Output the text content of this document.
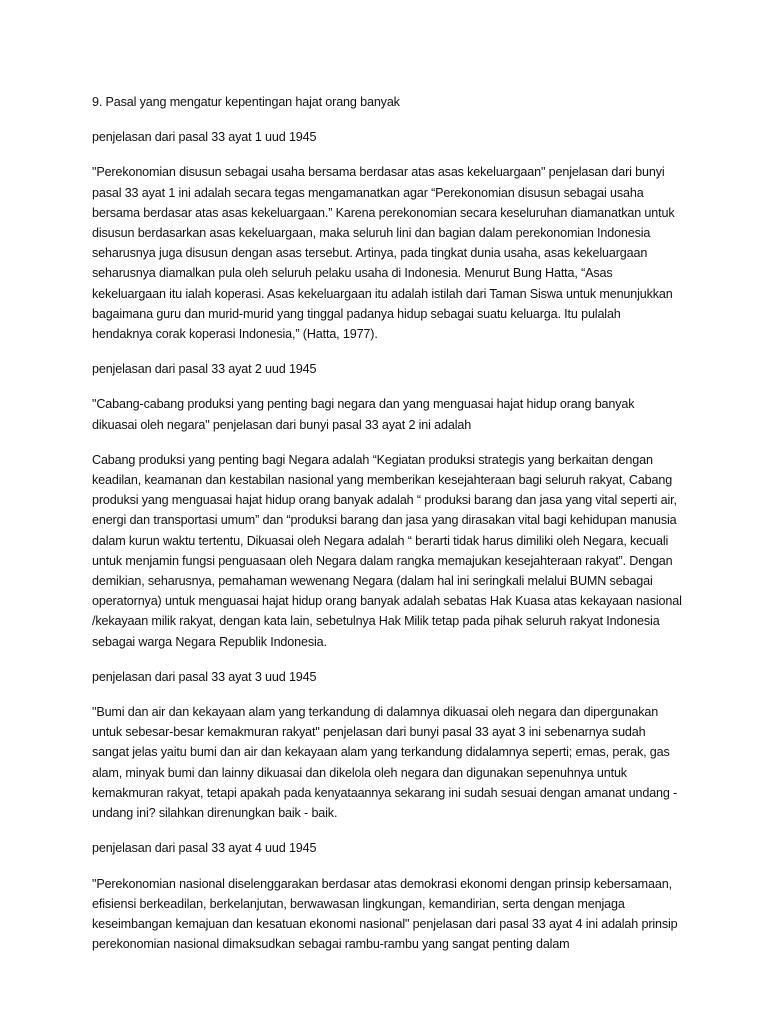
9. Pasal yang mengatur kepentingan hajat orang banyak

penjelasan dari pasal 33 ayat 1 uud 1945

"Perekonomian disusun sebagai usaha bersama berdasar atas asas kekeluargaan" penjelasan dari bunyi pasal 33 ayat 1 ini adalah secara tegas mengamanatkan agar “Perekonomian disusun sebagai usaha bersama berdasar atas asas kekeluargaan.” Karena perekonomian secara keseluruhan diamanatkan untuk disusun berdasarkan asas kekeluargaan, maka seluruh lini dan bagian dalam perekonomian Indonesia seharusnya juga disusun dengan asas tersebut. Artinya, pada tingkat dunia usaha, asas kekeluargaan seharusnya diamalkan pula oleh seluruh pelaku usaha di Indonesia. Menurut Bung Hatta, “Asas kekeluargaan itu ialah koperasi. Asas kekeluargaan itu adalah istilah dari Taman Siswa untuk menunjukkan bagaimana guru dan murid-murid yang tinggal padanya hidup sebagai suatu keluarga. Itu pulalah hendaknya corak koperasi Indonesia,” (Hatta, 1977).

penjelasan dari pasal 33 ayat 2 uud 1945

"Cabang-cabang produksi yang penting bagi negara dan yang menguasai hajat hidup orang banyak dikuasai oleh negara" penjelasan dari bunyi pasal 33 ayat 2 ini adalah

Cabang produksi yang penting bagi Negara adalah “Kegiatan produksi strategis yang berkaitan dengan keadilan, keamanan dan kestabilan nasional yang memberikan kesejahteraan bagi seluruh rakyat, Cabang produksi yang menguasai hajat hidup orang banyak adalah “ produksi barang dan jasa yang vital seperti air, energi dan transportasi umum” dan “produksi barang dan jasa yang dirasakan vital bagi kehidupan manusia dalam kurun waktu tertentu, Dikuasai oleh Negara adalah “ berarti tidak harus dimiliki oleh Negara, kecuali untuk menjamin fungsi penguasaan oleh Negara dalam rangka memajukan kesejahteraan rakyat”. Dengan demikian, seharusnya, pemahaman wewenang Negara (dalam hal ini seringkali melalui BUMN sebagai operatornya) untuk menguasai hajat hidup orang banyak adalah sebatas Hak Kuasa atas kekayaan nasional /kekayaan milik rakyat, dengan kata lain, sebetulnya Hak Milik tetap pada pihak seluruh rakyat Indonesia sebagai warga Negara Republik Indonesia.

penjelasan dari pasal 33 ayat 3 uud 1945

"Bumi dan air dan kekayaan alam yang terkandung di dalamnya dikuasai oleh negara dan dipergunakan untuk sebesar-besar kemakmuran rakyat" penjelasan dari bunyi pasal 33 ayat 3 ini sebenarnya sudah sangat jelas yaitu bumi dan air dan kekayaan alam yang terkandung didalamnya seperti; emas, perak, gas alam, minyak bumi dan lainny dikuasai dan dikelola oleh negara dan digunakan sepenuhnya untuk kemakmuran rakyat, tetapi apakah pada kenyataannya sekarang ini sudah sesuai dengan amanat undang - undang ini? silahkan direnungkan baik - baik.

penjelasan dari pasal 33 ayat 4 uud 1945

"Perekonomian nasional diselenggarakan berdasar atas demokrasi ekonomi dengan prinsip kebersamaan, efisiensi berkeadilan, berkelanjutan, berwawasan lingkungan, kemandirian, serta dengan menjaga keseimbangan kemajuan dan kesatuan ekonomi nasional" penjelasan dari pasal 33 ayat 4 ini adalah prinsip perekonomian nasional dimaksudkan sebagai rambu-rambu yang sangat penting dalam
